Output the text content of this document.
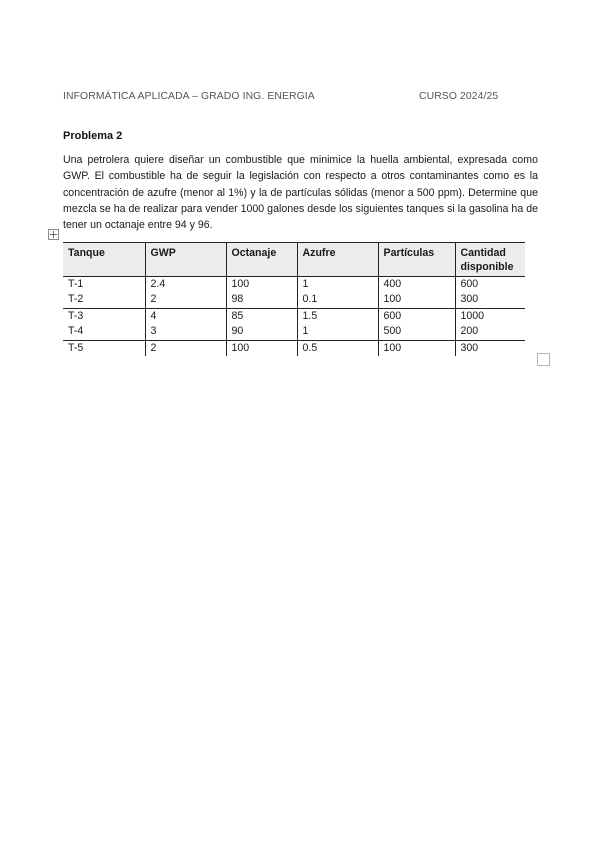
INFORMÁTICA APLICADA – GRADO ING. ENERGIA	CURSO 2024/25
Problema 2

Una petrolera quiere diseñar un combustible que minimice la huella ambiental, expresada como GWP. El combustible ha de seguir la legislación con respecto a otros contaminantes como es la concentración de azufre (menor al 1%) y la de partículas sólidas (menor a 500 ppm). Determine que mezcla se ha de realizar para vender 1000 galones desde los siguientes tanques si la gasolina ha de tener un octanaje entre 94 y 96.

Tanque	GWP	Octanaje	Azufre	Partículas	Cantidad disponible
T-1	2.4	100	1	400	600
T-2	2	98	0.1	100	300
T-3	4	85	1.5	600	1000
T-4	3	90	1	500	200
T-5	2	100	0.5	100	300
